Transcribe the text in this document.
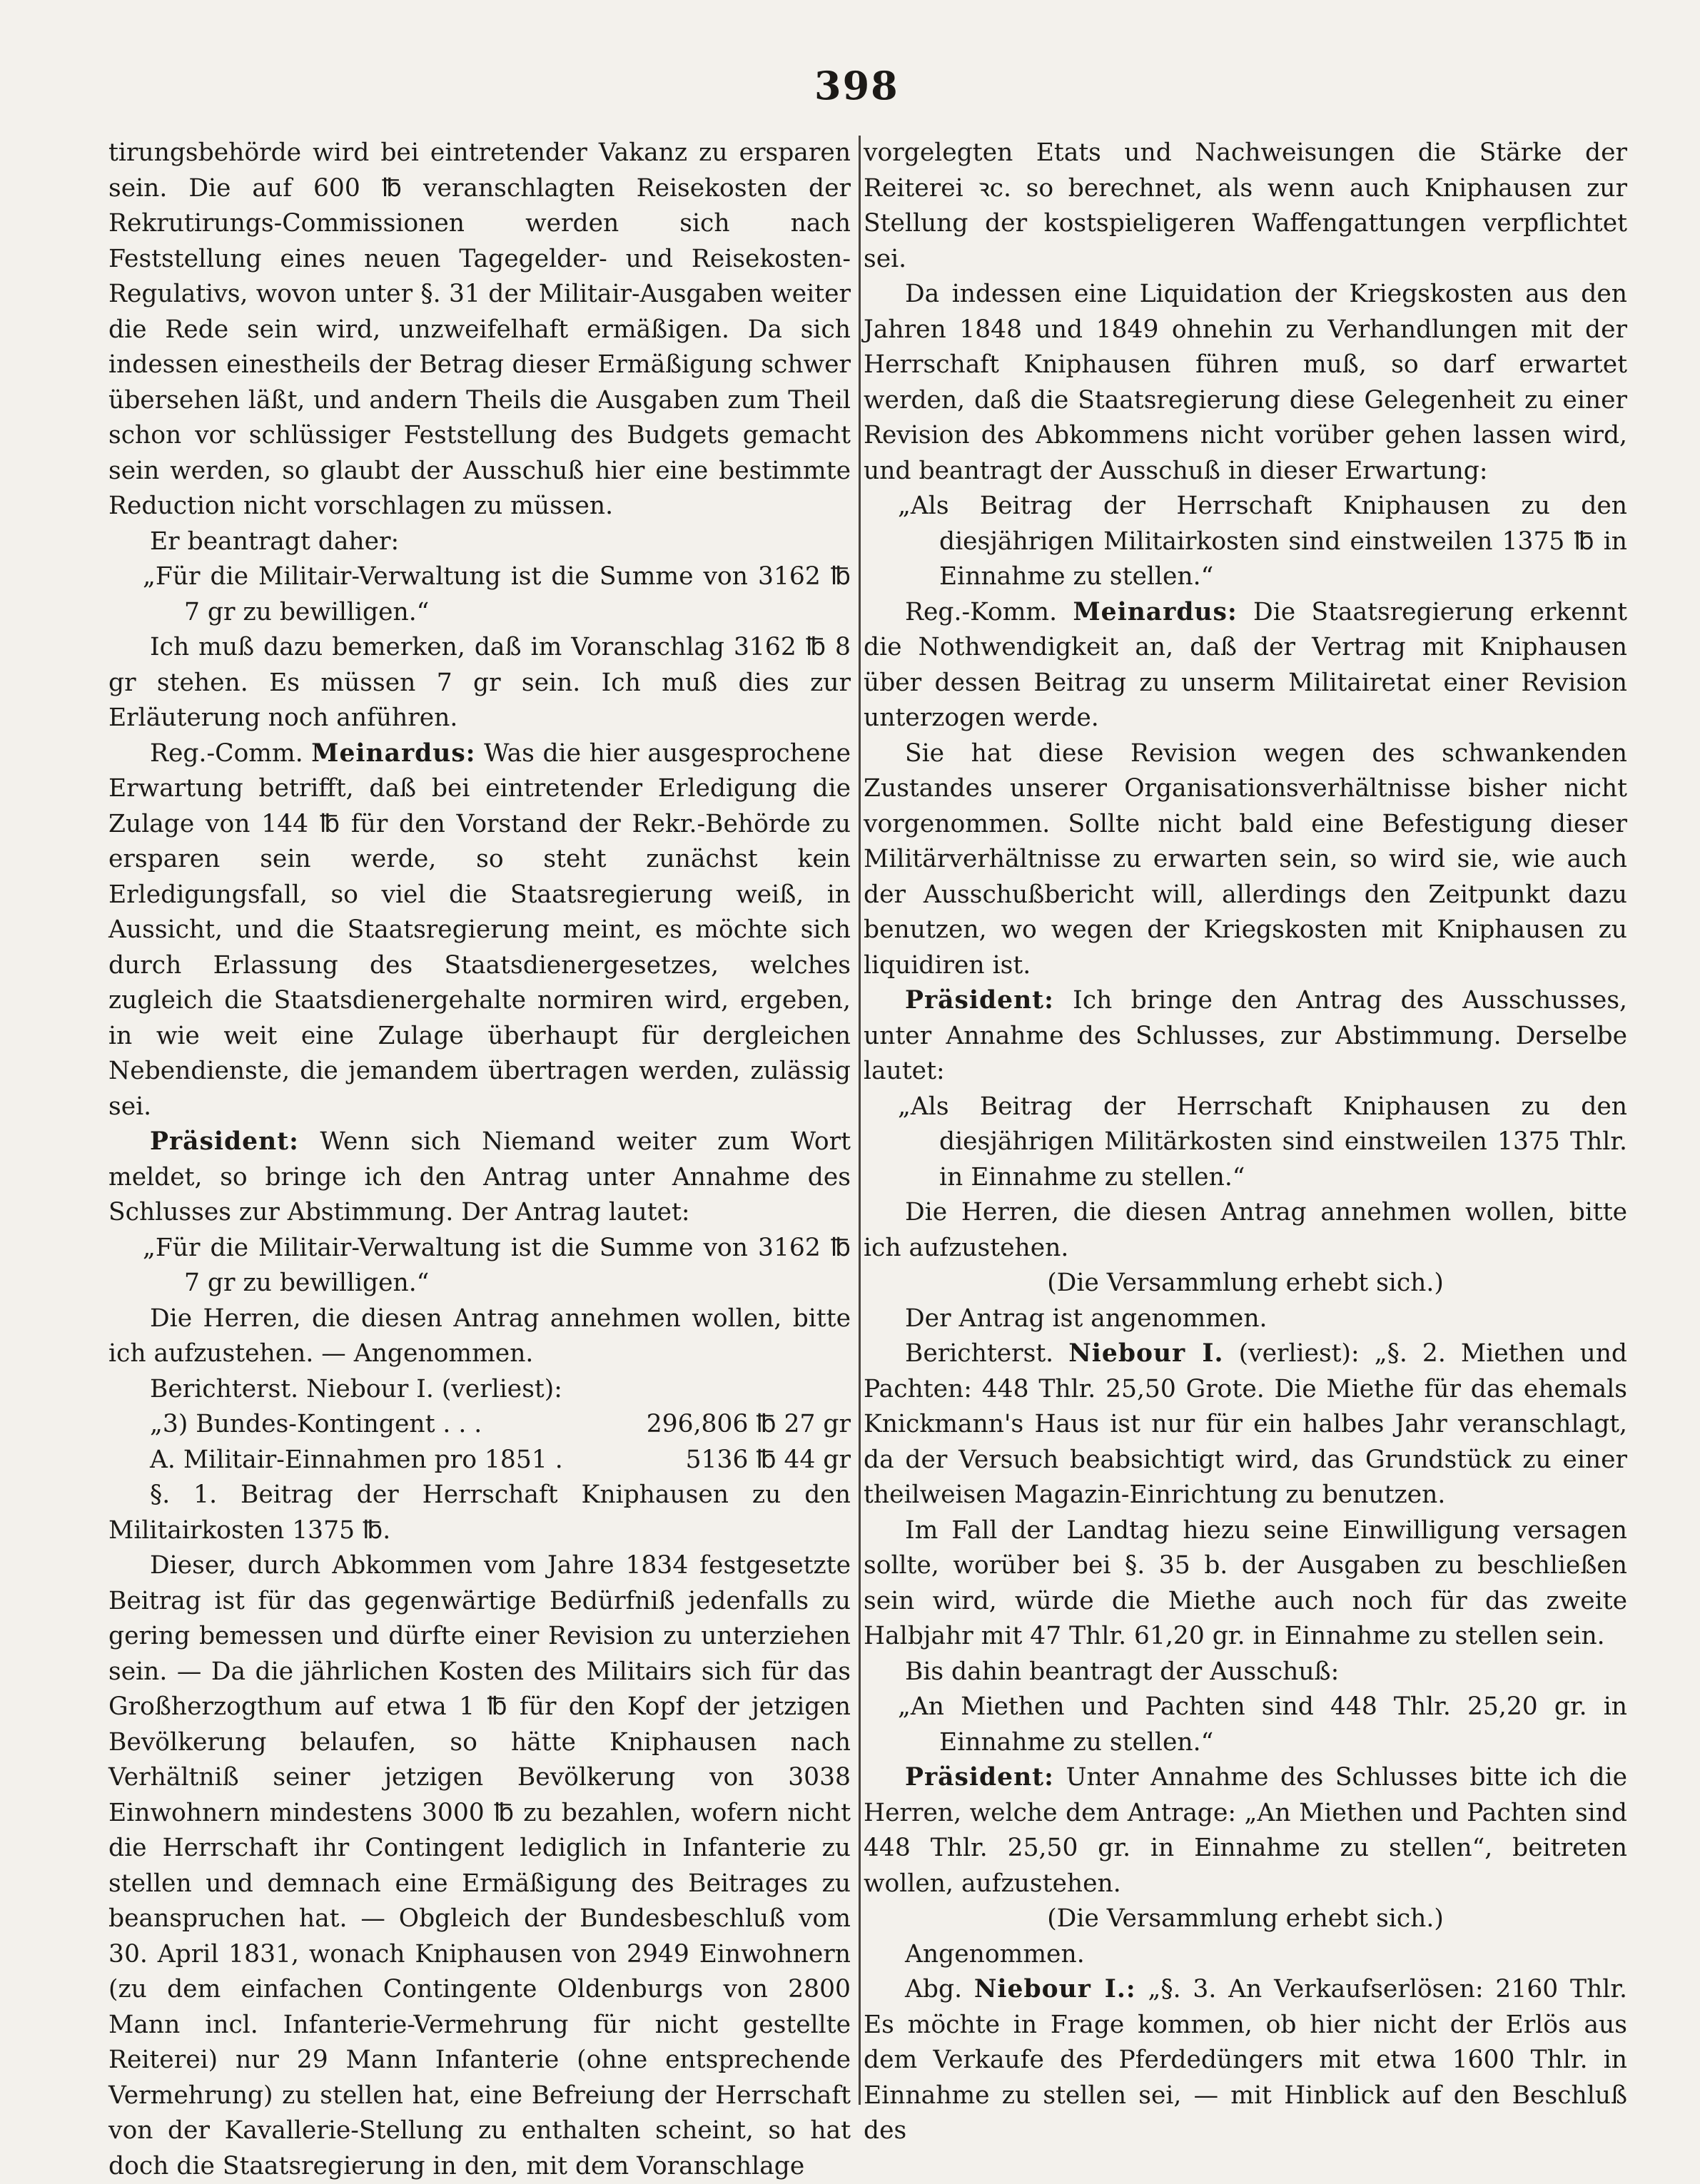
398

tirungsbehörde wird bei eintretender Vakanz zu ersparen sein. Die auf 600 ℔ veranschlagten Reisekosten der Rekrutirungs-Commissionen werden sich nach Feststellung eines neuen Tagegelder- und Reisekosten-Regulativs, wovon unter §. 31 der Militair-Ausgaben weiter die Rede sein wird, unzweifelhaft ermäßigen. Da sich indessen einestheils der Betrag dieser Ermäßigung schwer übersehen läßt, und andern Theils die Ausgaben zum Theil schon vor schlüssiger Feststellung des Budgets gemacht sein werden, so glaubt der Ausschuß hier eine bestimmte Reduction nicht vorschlagen zu müssen.

Er beantragt daher:

„Für die Militair-Verwaltung ist die Summe von 3162 ℔ 7 gr zu bewilligen.“

Ich muß dazu bemerken, daß im Voranschlag 3162 ℔ 8 gr stehen. Es müssen 7 gr sein. Ich muß dies zur Erläuterung noch anführen.

Reg.-Comm. Meinardus: Was die hier ausgesprochene Erwartung betrifft, daß bei eintretender Erledigung die Zulage von 144 ℔ für den Vorstand der Rekr.-Behörde zu ersparen sein werde, so steht zunächst kein Erledigungsfall, so viel die Staatsregierung weiß, in Aussicht, und die Staatsregierung meint, es möchte sich durch Erlassung des Staatsdienergesetzes, welches zugleich die Staatsdienergehalte normiren wird, ergeben, in wie weit eine Zulage überhaupt für dergleichen Nebendienste, die jemandem übertragen werden, zulässig sei.

Präsident: Wenn sich Niemand weiter zum Wort meldet, so bringe ich den Antrag unter Annahme des Schlusses zur Abstimmung. Der Antrag lautet:

„Für die Militair-Verwaltung ist die Summe von 3162 ℔ 7 gr zu bewilligen.“

Die Herren, die diesen Antrag annehmen wollen, bitte ich aufzustehen. — Angenommen.

Berichterst. Niebour I. (verliest):

„3) Bundes-Kontingent . . .	296,806 ℔ 27 gr
A. Militair-Einnahmen pro 1851 .	5136 ℔ 44 gr

§. 1. Beitrag der Herrschaft Kniphausen zu den Militairkosten 1375 ℔.

Dieser, durch Abkommen vom Jahre 1834 festgesetzte Beitrag ist für das gegenwärtige Bedürfniß jedenfalls zu gering bemessen und dürfte einer Revision zu unterziehen sein. — Da die jährlichen Kosten des Militairs sich für das Großherzogthum auf etwa 1 ℔ für den Kopf der jetzigen Bevölkerung belaufen, so hätte Kniphausen nach Verhältniß seiner jetzigen Bevölkerung von 3038 Einwohnern mindestens 3000 ℔ zu bezahlen, wofern nicht die Herrschaft ihr Contingent lediglich in Infanterie zu stellen und demnach eine Ermäßigung des Beitrages zu beanspruchen hat. — Obgleich der Bundesbeschluß vom 30. April 1831, wonach Kniphausen von 2949 Einwohnern (zu dem einfachen Contingente Oldenburgs von 2800 Mann incl. Infanterie-Vermehrung für nicht gestellte Reiterei) nur 29 Mann Infanterie (ohne entsprechende Vermehrung) zu stellen hat, eine Befreiung der Herrschaft von der Kavallerie-Stellung zu enthalten scheint, so hat doch die Staatsregierung in den, mit dem Voranschlage

vorgelegten Etats und Nachweisungen die Stärke der Reiterei ꝛc. so berechnet, als wenn auch Kniphausen zur Stellung der kostspieligeren Waffengattungen verpflichtet sei.

Da indessen eine Liquidation der Kriegskosten aus den Jahren 1848 und 1849 ohnehin zu Verhandlungen mit der Herrschaft Kniphausen führen muß, so darf erwartet werden, daß die Staatsregierung diese Gelegenheit zu einer Revision des Abkommens nicht vorüber gehen lassen wird, und beantragt der Ausschuß in dieser Erwartung:

„Als Beitrag der Herrschaft Kniphausen zu den diesjährigen Militairkosten sind einstweilen 1375 ℔ in Einnahme zu stellen.“

Reg.-Komm. Meinardus: Die Staatsregierung erkennt die Nothwendigkeit an, daß der Vertrag mit Kniphausen über dessen Beitrag zu unserm Militairetat einer Revision unterzogen werde.

Sie hat diese Revision wegen des schwankenden Zustandes unserer Organisationsverhältnisse bisher nicht vorgenommen. Sollte nicht bald eine Befestigung dieser Militärverhältnisse zu erwarten sein, so wird sie, wie auch der Ausschußbericht will, allerdings den Zeitpunkt dazu benutzen, wo wegen der Kriegskosten mit Kniphausen zu liquidiren ist.

Präsident: Ich bringe den Antrag des Ausschusses, unter Annahme des Schlusses, zur Abstimmung. Derselbe lautet:

„Als Beitrag der Herrschaft Kniphausen zu den diesjährigen Militärkosten sind einstweilen 1375 Thlr. in Einnahme zu stellen.“

Die Herren, die diesen Antrag annehmen wollen, bitte ich aufzustehen.

(Die Versammlung erhebt sich.)

Der Antrag ist angenommen.

Berichterst. Niebour I. (verliest): „§. 2. Miethen und Pachten: 448 Thlr. 25,50 Grote. Die Miethe für das ehemals Knickmann's Haus ist nur für ein halbes Jahr veranschlagt, da der Versuch beabsichtigt wird, das Grundstück zu einer theilweisen Magazin-Einrichtung zu benutzen.

Im Fall der Landtag hiezu seine Einwilligung versagen sollte, worüber bei §. 35 b. der Ausgaben zu beschließen sein wird, würde die Miethe auch noch für das zweite Halbjahr mit 47 Thlr. 61,20 gr. in Einnahme zu stellen sein.

Bis dahin beantragt der Ausschuß:

„An Miethen und Pachten sind 448 Thlr. 25,20 gr. in Einnahme zu stellen.“

Präsident: Unter Annahme des Schlusses bitte ich die Herren, welche dem Antrage: „An Miethen und Pachten sind 448 Thlr. 25,50 gr. in Einnahme zu stellen“, beitreten wollen, aufzustehen.

(Die Versammlung erhebt sich.)

Angenommen.

Abg. Niebour I.: „§. 3. An Verkaufserlösen: 2160 Thlr. Es möchte in Frage kommen, ob hier nicht der Erlös aus dem Verkaufe des Pferdedüngers mit etwa 1600 Thlr. in Einnahme zu stellen sei, — mit Hinblick auf den Beschluß des
